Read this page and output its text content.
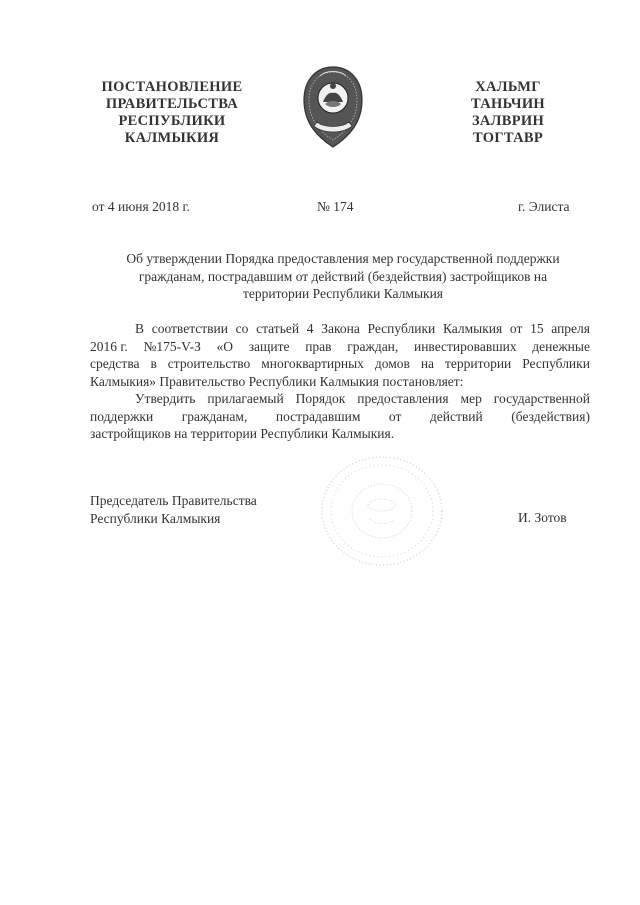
ПОСТАНОВЛЕНИЕ
ПРАВИТЕЛЬСТВА
РЕСПУБЛИКИ
КАЛМЫКИЯ
ХАЛЬМГ
ТАНЬЧИН
ЗАЛВРИН
ТОГТАВР
от 4 июня 2018 г.	№ 174	г. Элиста
Об утверждении Порядка предоставления мер государственной поддержки
гражданам, пострадавшим от действий (бездействия) застройщиков на
территории Республики Калмыкия
В соответствии со статьей 4 Закона Республики Калмыкия от 15 апреля
2016 г. №175-V-З «О защите прав граждан, инвестировавших денежные
средства в строительство многоквартирных домов на территории Республики
Калмыкия» Правительство Республики Калмыкия постановляет:
Утвердить прилагаемый Порядок предоставления мер государственной
поддержки гражданам, пострадавшим от действий (бездействия)
застройщиков на территории Республики Калмыкия.
Председатель Правительства
Республики Калмыкия	И. Зотов
